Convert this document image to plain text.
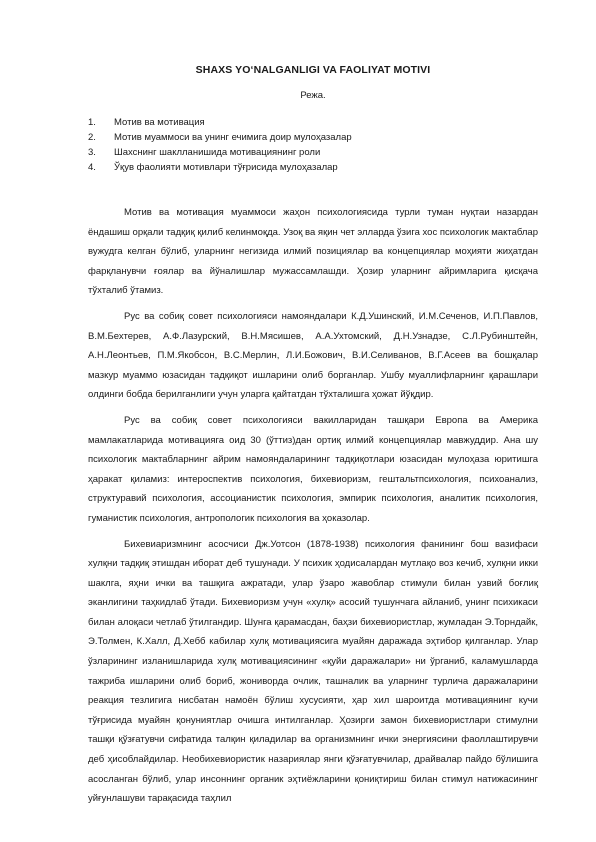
SHAXS YO‘NALGANLIGI VA FAOLIYAT MOTIVI
Режа.
1. Мотив ва мотивация
2. Мотив муаммоси ва унинг ечимига доир мулоҳазалар
3. Шахснинг шаклланишида мотивациянинг роли
4. Ўқув фаолияти мотивлари тўғрисида мулоҳазалар

Мотив ва мотивация муаммоси жаҳон психологиясида турли туман нуқтаи назардан ёндашиш орқали тадқиқ қилиб келинмоқда. Узоқ ва яқин чет элларда ўзига хос психологик мактаблар вужудга келган бўлиб, уларнинг негизида илмий позициялар ва концепциялар моҳияти жиҳатдан фарқланувчи ғоялар ва йўналишлар мужассамлашди. Ҳозир уларнинг айримларига қисқача тўхталиб ўтамиз.

Рус ва собиқ совет психологияси намояндалари К.Д.Ушинский, И.М.Сеченов, И.П.Павлов, В.М.Бехтерев, А.Ф.Лазурский, В.Н.Мясишев, А.А.Ухтомский, Д.Н.Узнадзе, С.Л.Рубинштейн, А.Н.Леонтьев, П.М.Якобсон, В.С.Мерлин, Л.И.Божович, В.И.Селиванов, В.Г.Асеев ва бошқалар мазкур муаммо юзасидан тадқиқот ишларини олиб борганлар. Ушбу муаллифларнинг қарашлари олдинги бобда берилганлиги учун уларга қайтатдан тўхталишга ҳожат йўқдир.

Рус ва собиқ совет психологияси вакилларидан ташқари Европа ва Америка мамлакатларида мотивацияга оид 30 (ўттиз)дан ортиқ илмий концепциялар мавжуддир. Ана шу психологик мактабларнинг айрим намояндаларининг тадқиқотлари юзасидан мулоҳаза юритишга ҳаракат қиламиз: интероспектив психология, бихевиоризм, гештальтпсихология, психоанализ, структуравий психология, ассоцианистик психология, эмпирик психология, аналитик психология, гуманистик психология, антропологик психология ва ҳоказолар.

Бихевиаризмнинг асосчиси Дж.Уотсон (1878-1938) психология фанининг бош вазифаси хулқни тадқиқ этишдан иборат деб тушунади. У психик ҳодисалардан мутлақо воз кечиб, хулқни икки шаклга, яҳни ички ва ташқига ажратади, улар ўзаро жавоблар стимули билан узвий боғлиқ эканлигини таҳкидлаб ўтади. Бихевиоризм учун «хулқ» асосий тушунчага айланиб, унинг психикаси билан алоқаси четлаб ўтилгандир. Шунга қарамасдан, баҳзи бихевиористлар, жумладан Э.Торндайк, Э.Толмен, К.Халл, Д.Хебб кабилар хулқ мотивациясига муайян даражада эҳтибор қилганлар. Улар ўзларининг изланишларида хулқ мотивациясининг «қуйи даражалари» ни ўрганиб, каламушларда тажриба ишларини олиб бориб, жониворда очлик, ташналик ва уларнинг турлича даражаларини реакция тезлигига нисбатан намоён бўлиш хусусияти, ҳар хил шароитда мотивациянинг кучи тўғрисида муайян қонуниятлар очишга интилганлар. Ҳозирги замон бихевиористлари стимулни ташқи қўзғатувчи сифатида талқин қиладилар ва организмнинг ички энергиясини фаоллаштирувчи деб ҳисоблайдилар. Необихевиористик назариялар янги қўзғатувчилар, драйвалар пайдо бўлишига асосланган бўлиб, улар инсоннинг органик эҳтиёжларини қониқтириш билан стимул натижасининг уйғунлашуви тарақасида таҳлил
